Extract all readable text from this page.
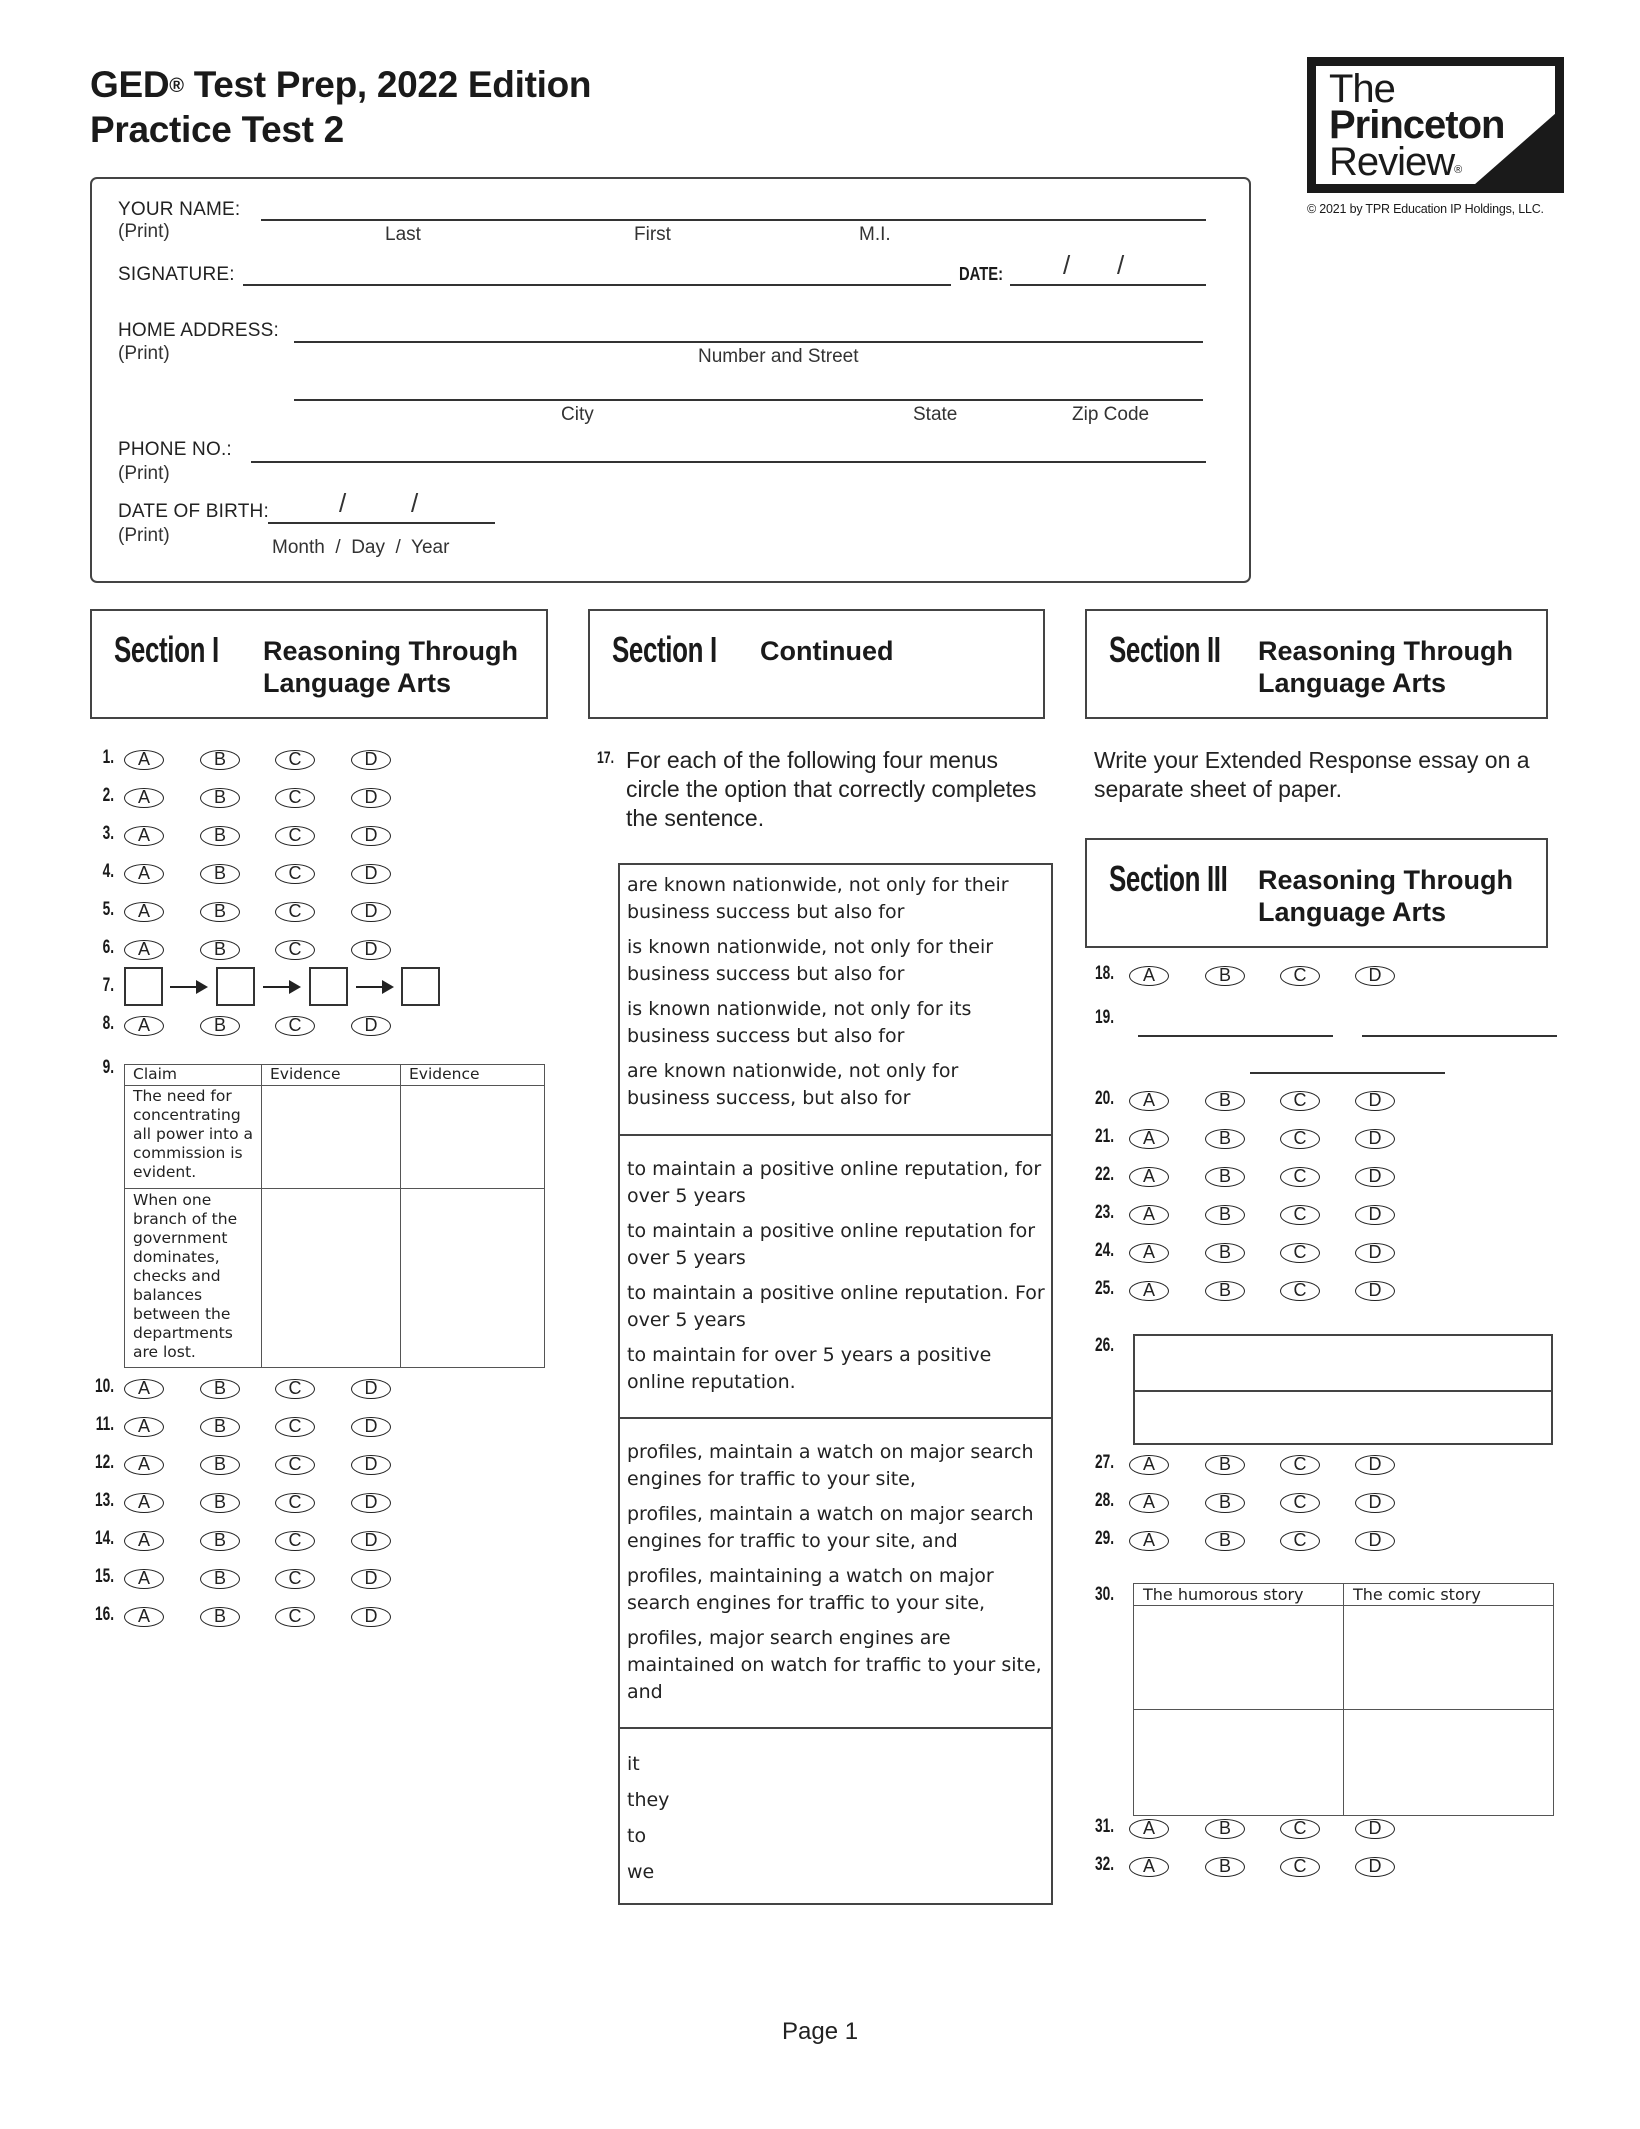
GED® Test Prep, 2022 Edition
Practice Test 2
The
Princeton
Review®
© 2021 by TPR Education IP Holdings, LLC.
YOUR NAME:
(Print)	Last	First	M.I.
SIGNATURE:	DATE: / /
HOME ADDRESS:
(Print)	Number and Street
City	State	Zip Code
PHONE NO.:
(Print)
DATE OF BIRTH:
(Print)
/ /
Month  /  Day  /  Year
Section I Reasoning Through
Language Arts
Section I Continued	Section II Reasoning Through
Language Arts
Section III Reasoning Through
Language Arts
1.	A	B	C	D
2.	A	B	C	D
3.	A	B	C	D
4.	A	B	C	D
5.	A	B	C	D
6.	A	B	C	D
8.	A	B	C	D
10.	A	B	C	D
11.	A	B	C	D
12.	A	B	C	D
13.	A	B	C	D
14.	A	B	C	D
15.	A	B	C	D
16.	A	B	C	D
18.	A	B	C	D
20.	A	B	C	D
21.	A	B	C	D
22.	A	B	C	D
23.	A	B	C	D
24.	A	B	C	D
25.	A	B	C	D
27.	A	B	C	D
28.	A	B	C	D
29.	A	B	C	D
31.	A	B	C	D
32.	A	B	C	D
7.
9. Claim	Evidence	Evidence
The need for concentrating all power into a commission is evident.		
When one branch of the government dominates, checks and balances between the departments are lost.		
17. For each of the following four menus circle the option that correctly completes the sentence.
are known nationwide, not only for their business success but also for
is known nationwide, not only for their business success but also for
is known nationwide, not only for its business success but also for
are known nationwide, not only for business success, but also for
to maintain a positive online reputation, for over 5 years
to maintain a positive online reputation for over 5 years
to maintain a positive online reputation. For over 5 years
to maintain for over 5 years a positive online reputation.
profiles, maintain a watch on major search engines for traffic to your site,
profiles, maintain a watch on major search engines for traffic to your site, and
profiles, maintaining a watch on major search engines for traffic to your site,
profiles, major search engines are maintained on watch for traffic to your site, and
it
they
to
we
Write your Extended Response essay on a separate sheet of paper.
19.
26.
30. The humorous story	The comic story

Page 1
